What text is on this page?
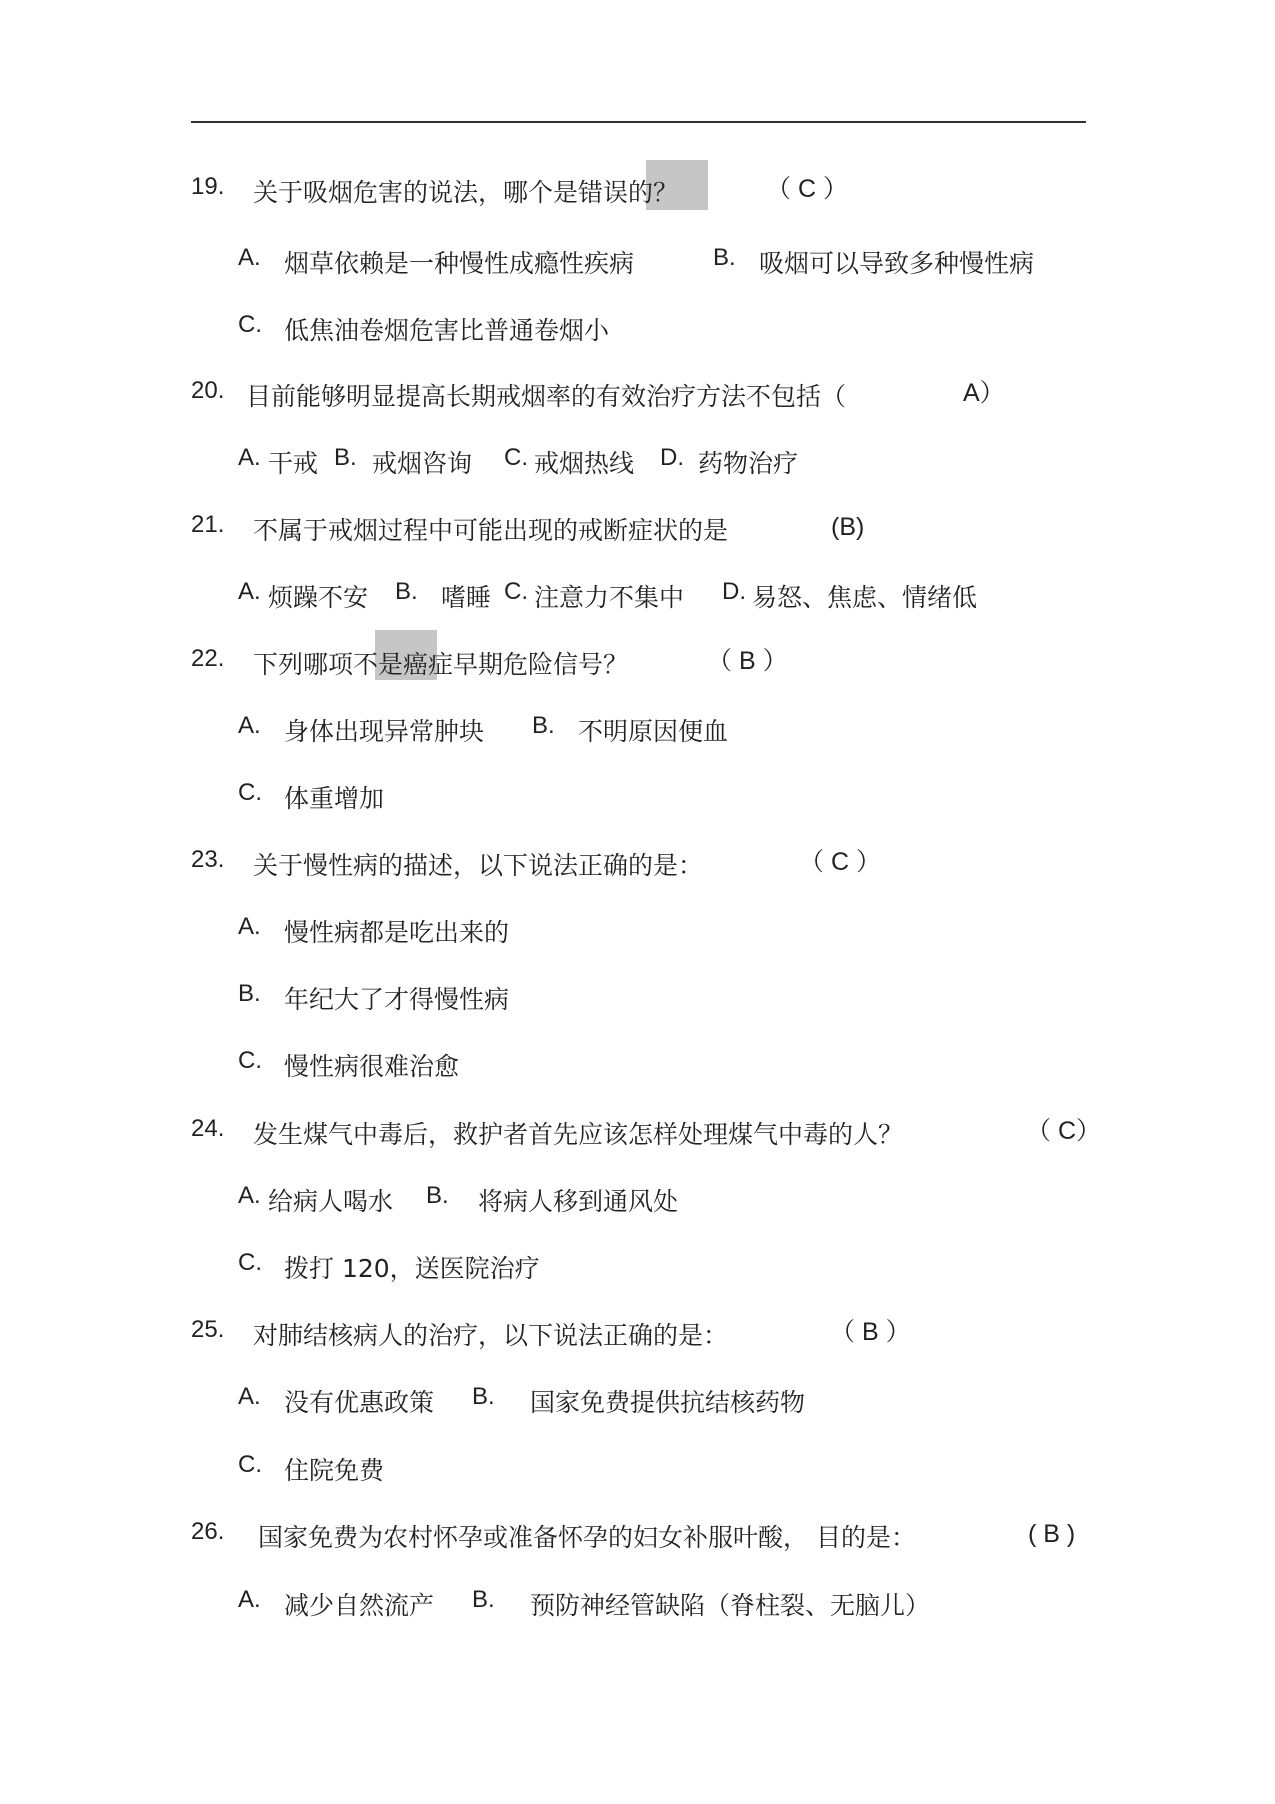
19. 关于吸烟危害的说法，哪个是错误的？	（ C ）
A. 烟草依赖是一种慢性成瘾性疾病	B. 吸烟可以导致多种慢性病
C. 低焦油卷烟危害比普通卷烟小
20. 目前能够明显提高长期戒烟率的有效治疗方法不包括（	A）
A. 干戒 B. 戒烟咨询 C. 戒烟热线 D. 药物治疗
21. 不属于戒烟过程中可能出现的戒断症状的是	(B)
A. 烦躁不安 B. 嗜睡 C. 注意力不集中 D. 易怒、焦虑、情绪低
22. 下列哪项不是癌症早期危险信号？	（ B ）
A. 身体出现异常肿块 B. 不明原因便血
C. 体重增加
23. 关于慢性病的描述，以下说法正确的是：	（ C ）
A. 慢性病都是吃出来的
B. 年纪大了才得慢性病
C. 慢性病很难治愈
24. 发生煤气中毒后，救护者首先应该怎样处理煤气中毒的人？	（ C）
A. 给病人喝水 B. 将病人移到通风处
C. 拨打 120，送医院治疗
25. 对肺结核病人的治疗，以下说法正确的是：	（ B ）
A. 没有优惠政策 B. 国家免费提供抗结核药物
C. 住院免费
26. 国家免费为农村怀孕或准备怀孕的妇女补服叶酸， 目的是：	( B )
A. 减少自然流产 B. 预防神经管缺陷（脊柱裂、无脑儿）
